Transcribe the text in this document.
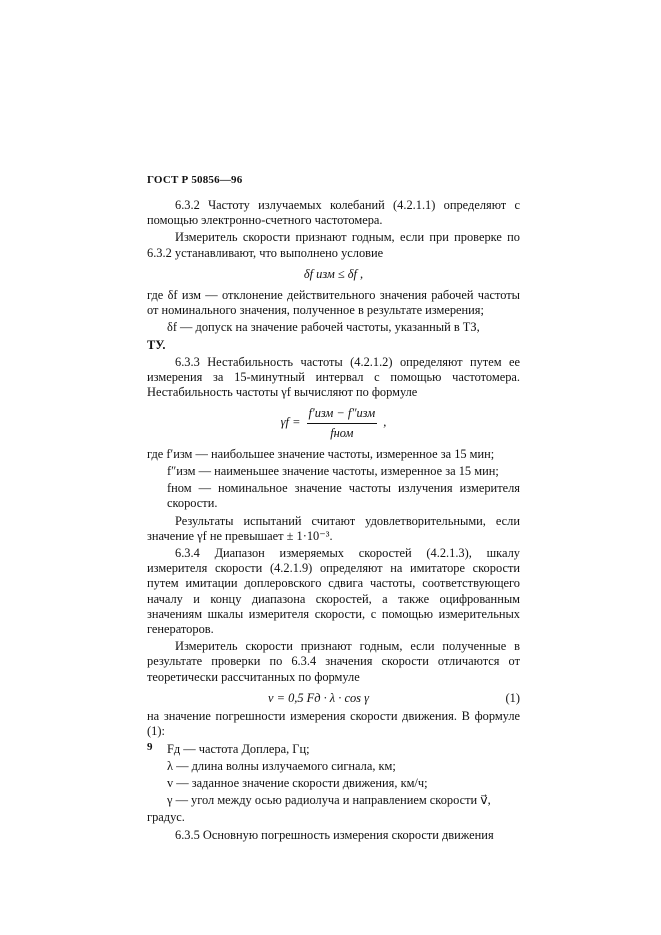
ГОСТ Р 50856—96

6.3.2 Частоту излучаемых колебаний (4.2.1.1) определяют с помощью электронно-счетного частотомера.

Измеритель скорости признают годным, если при проверке по 6.3.2 устанавливают, что выполнено условие

δf изм ≤ δf ,

где δf изм — отклонение действительного значения рабочей частоты от номинального значения, полученное в результате измерения;

δf — допуск на значение рабочей частоты, указанный в ТЗ,

ТУ.

6.3.3 Нестабильность частоты (4.2.1.2) определяют путем ее измерения за 15-минутный интервал с помощью частотомера. Нестабильность частоты γf вычисляют по формуле

$\gamma f = \frac{\text{f′изм − f″изм}}{\text{fном}}$ ,

где f′изм — наибольшее значение частоты, измеренное за 15 мин;

f″изм — наименьшее значение частоты, измеренное за 15 мин;

fном — номинальное значение частоты излучения измерителя скорости.

Результаты испытаний считают удовлетворительными, если значение γf не превышает ± 1·10⁻³.

6.3.4 Диапазон измеряемых скоростей (4.2.1.3), шкалу измерителя скорости (4.2.1.9) определяют на имитаторе скорости путем имитации доплеровского сдвига частоты, соответствующего началу и концу диапазона скоростей, а также оцифрованным значениям шкалы измерителя скорости, с помощью измерительных генераторов.

Измеритель скорости признают годным, если полученные в результате проверки по 6.3.4 значения скорости отличаются от теоретически рассчитанных по формуле

v = 0,5 Fд · λ · cos γ	(1)

на значение погрешности измерения скорости движения. В формуле (1):

Fд — частота Доплера, Гц;

λ — длина волны излучаемого сигнала, км;

v — заданное значение скорости движения, км/ч;

γ — угол между осью радиолуча и направлением скорости v⃗,

градус.

6.3.5 Основную погрешность измерения скорости движения

9
